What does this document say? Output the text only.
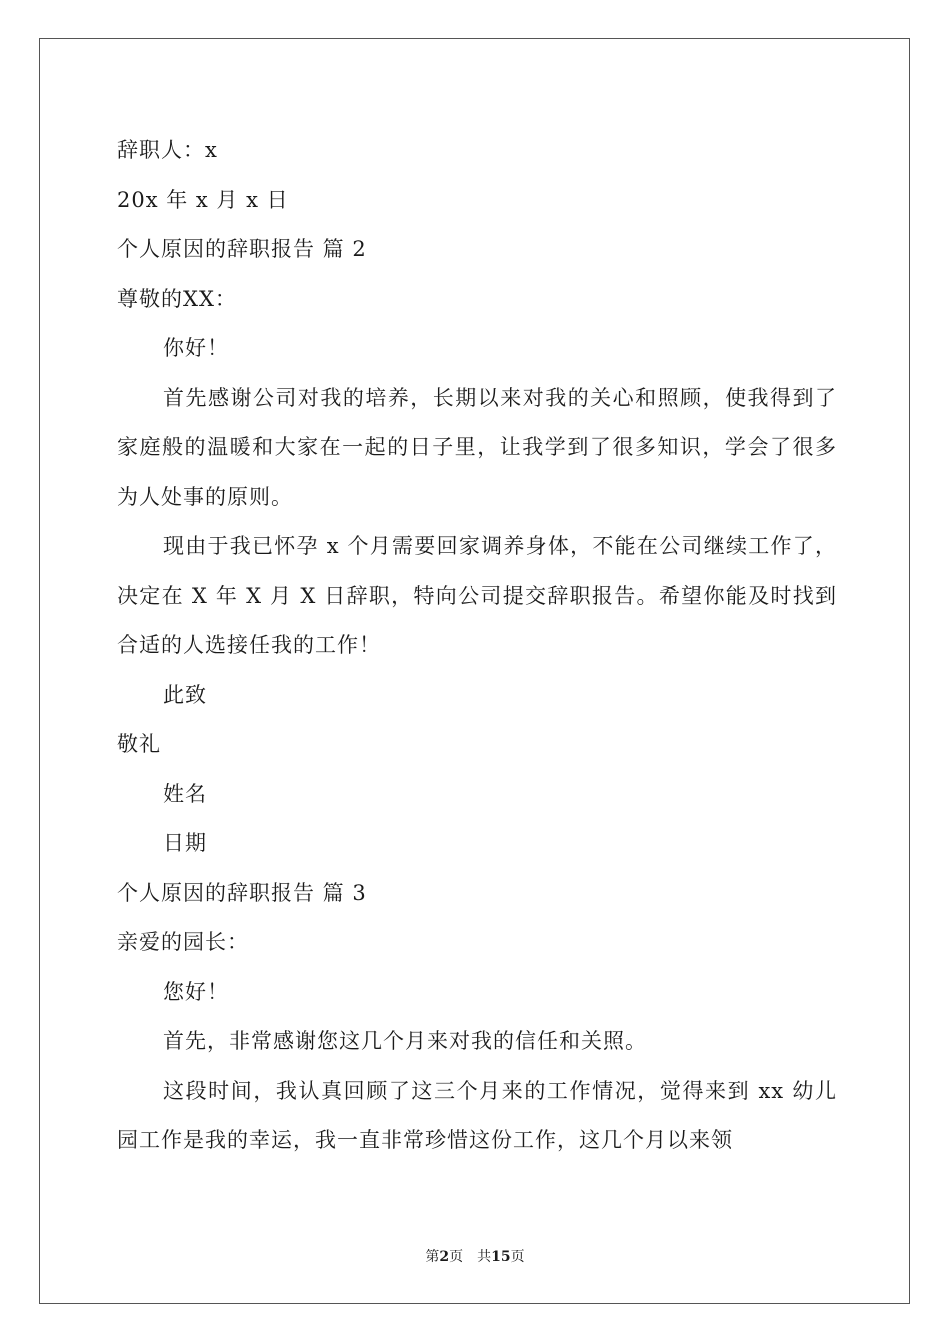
辞职人：x

20x 年 x 月 x 日

个人原因的辞职报告 篇 2

尊敬的XX：

你好！

首先感谢公司对我的培养，长期以来对我的关心和照顾，使我得到了家庭般的温暖和大家在一起的日子里，让我学到了很多知识，学会了很多为人处事的原则。

现由于我已怀孕 x 个月需要回家调养身体，不能在公司继续工作了，决定在 X 年 X 月 X 日辞职，特向公司提交辞职报告。希望你能及时找到合适的人选接任我的工作！

此致

敬礼

姓名

日期

个人原因的辞职报告 篇 3

亲爱的园长：

您好！

首先，非常感谢您这几个月来对我的信任和关照。

这段时间，我认真回顾了这三个月来的工作情况，觉得来到 xx 幼儿园工作是我的幸运，我一直非常珍惜这份工作，这几个月以来领

第2页 共15页
